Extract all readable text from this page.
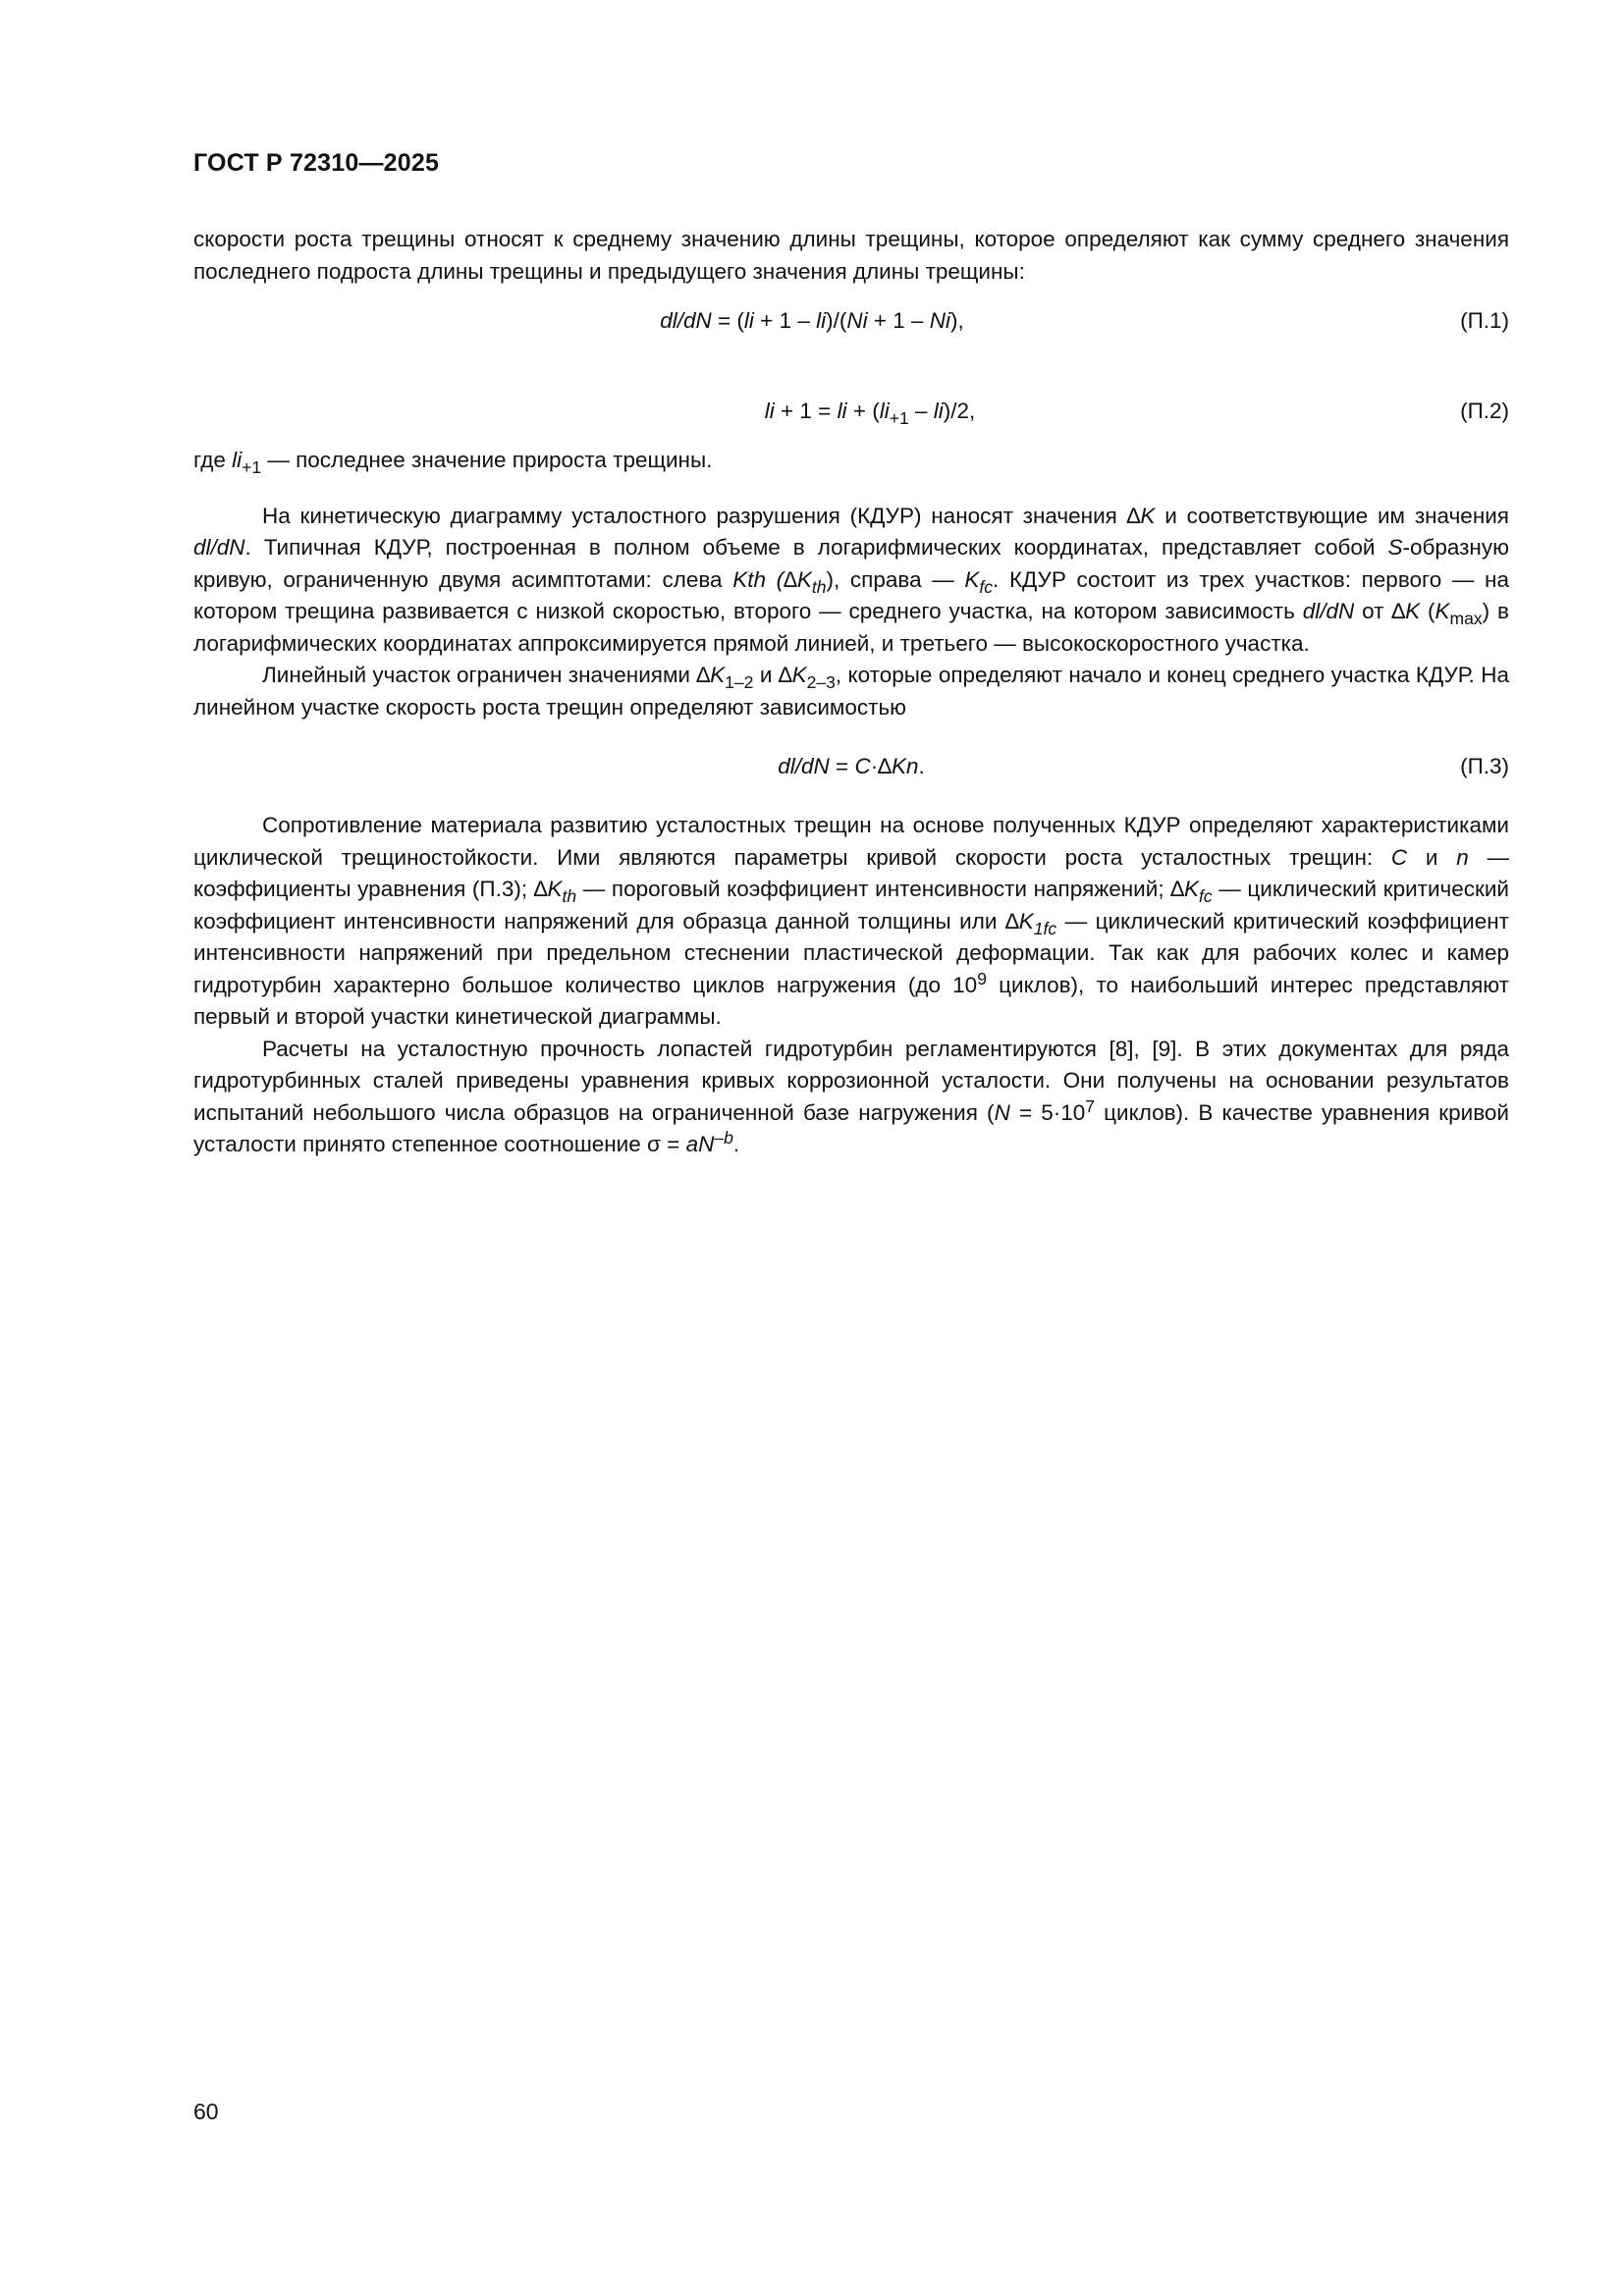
ГОСТ Р 72310—2025

скорости роста трещины относят к среднему значению длины трещины, которое определяют как сумму среднего значения последнего подроста длины трещины и предыдущего значения длины трещины:

dl/dN = (li + 1 – li)/(Ni + 1 – Ni),	(П.1)
li + 1 = li + $(li_{+1} - li)/2$,	(П.2)

где $li_{+1}$ — последнее значение прироста трещины.

На кинетическую диаграмму усталостного разрушения (КДУР) наносят значения ∆K и соответствующие им значения dl/dN. Типичная КДУР, построенная в полном объеме в логарифмических координатах, представляет собой S-образную кривую, ограниченную двумя асимптотами: слева Kth $(\Delta K_{th})$, справа — $K_{fc}$. КДУР состоит из трех участков: первого — на котором трещина развивается с низкой скоростью, второго — среднего участка, на котором зависимость dl/dN от ∆K $(K_{max})$ в логарифмических координатах аппроксимируется прямой линией, и третьего — высокоскоростного участка.

Линейный участок ограничен значениями $\Delta K_{1-2}$ и $\Delta K_{2-3}$, которые определяют начало и конец среднего участка КДУР. На линейном участке скорость роста трещин определяют зависимостью

dl/dN = C·∆Kn.	(П.3)

Сопротивление материала развитию усталостных трещин на основе полученных КДУР определяют характеристиками циклической трещиностойкости. Ими являются параметры кривой скорости роста усталостных трещин: C и n — коэффициенты уравнения (П.3); $\Delta K_{th}$ — пороговый коэффициент интенсивности напряжений; $\Delta K_{fc}$ — циклический критический коэффициент интенсивности напряжений для образца данной толщины или $\Delta K_{1fc}$ — циклический критический коэффициент интенсивности напряжений при предельном стеснении пластической деформации. Так как для рабочих колес и камер гидротурбин характерно большое количество циклов нагружения (до $10^9$ циклов), то наибольший интерес представляют первый и второй участки кинетической диаграммы.

Расчеты на усталостную прочность лопастей гидротурбин регламентируются [8], [9]. В этих документах для ряда гидротурбинных сталей приведены уравнения кривых коррозионной усталости. Они получены на основании результатов испытаний небольшого числа образцов на ограниченной базе нагружения ($N = 5\cdot 10^7$ циклов). В качестве уравнения кривой усталости принято степенное соотношение $\sigma = aN^{-b}$.

60
